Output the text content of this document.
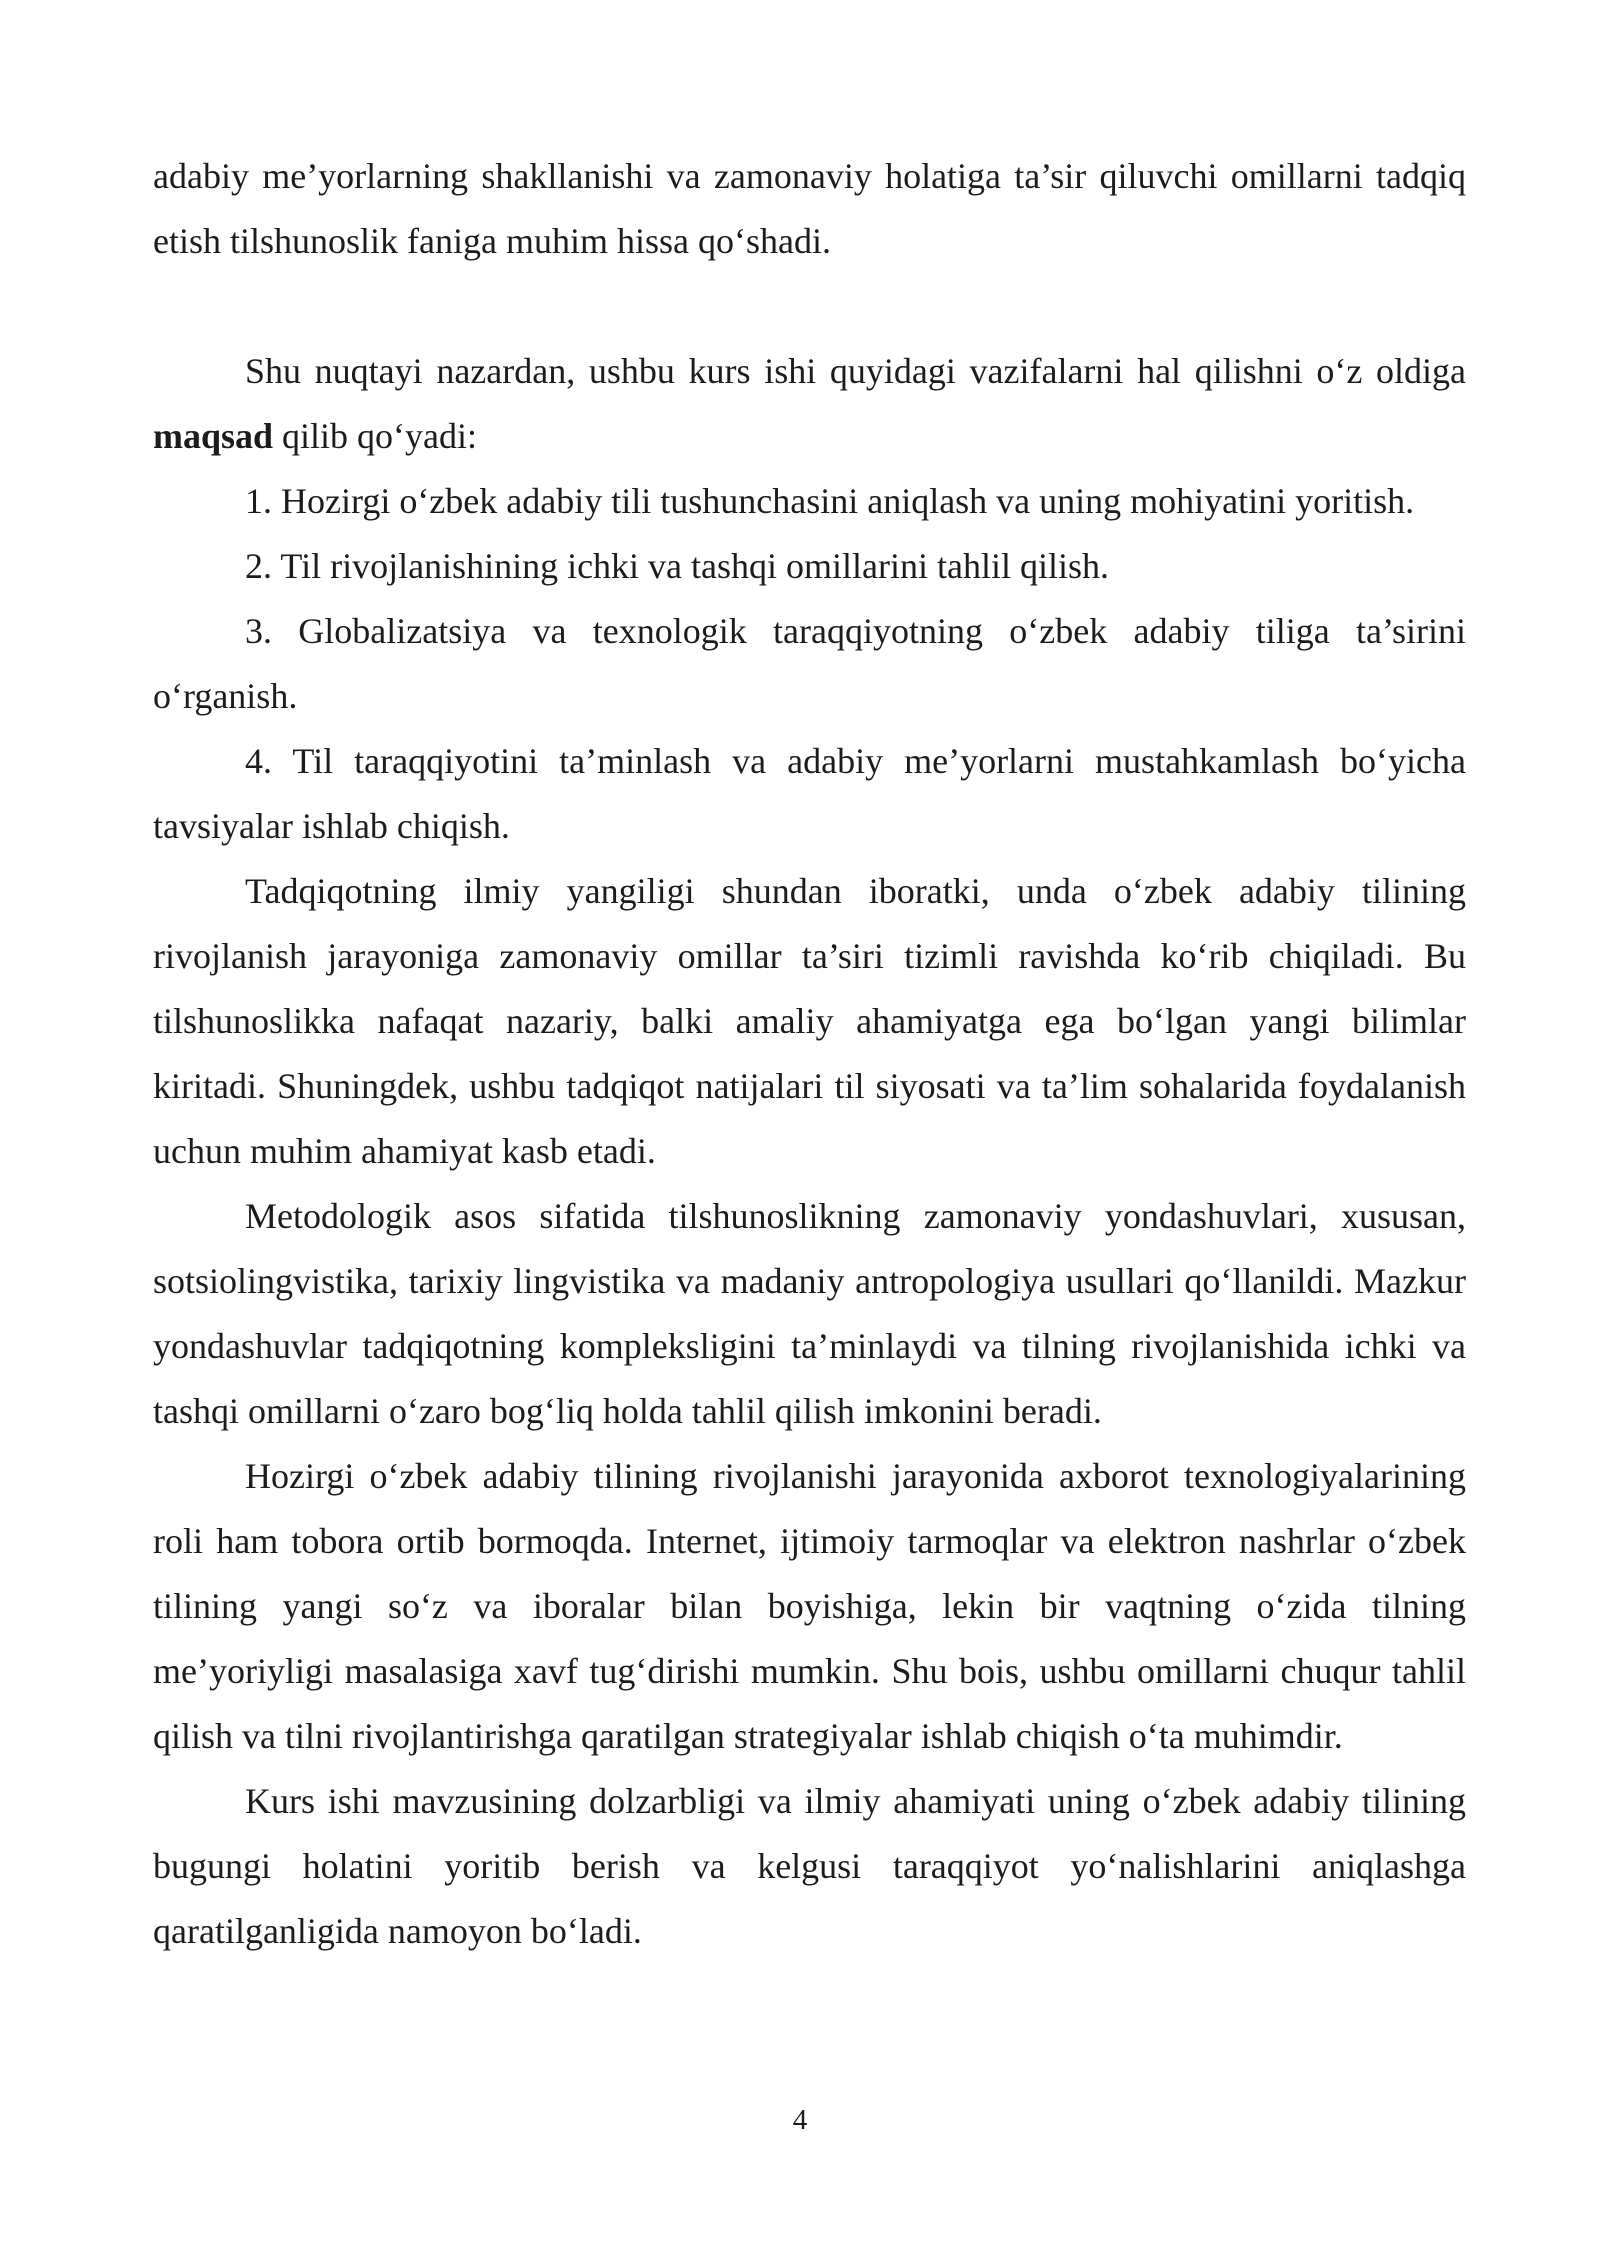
adabiy me’yorlarning shakllanishi va zamonaviy holatiga ta’sir qiluvchi omillarni tadqiq etish tilshunoslik faniga muhim hissa qo‘shadi.

Shu nuqtayi nazardan, ushbu kurs ishi quyidagi vazifalarni hal qilishni o‘z oldiga maqsad qilib qo‘yadi:

1. Hozirgi o‘zbek adabiy tili tushunchasini aniqlash va uning mohiyatini yoritish.

2. Til rivojlanishining ichki va tashqi omillarini tahlil qilish.

3. Globalizatsiya va texnologik taraqqiyotning o‘zbek adabiy tiliga ta’sirini o‘rganish.

4. Til taraqqiyotini ta’minlash va adabiy me’yorlarni mustahkamlash bo‘yicha tavsiyalar ishlab chiqish.

Tadqiqotning ilmiy yangiligi shundan iboratki, unda o‘zbek adabiy tilining rivojlanish jarayoniga zamonaviy omillar ta’siri tizimli ravishda ko‘rib chiqiladi. Bu tilshunoslikka nafaqat nazariy, balki amaliy ahamiyatga ega bo‘lgan yangi bilimlar kiritadi. Shuningdek, ushbu tadqiqot natijalari til siyosati va ta’lim sohalarida foydalanish uchun muhim ahamiyat kasb etadi.

Metodologik asos sifatida tilshunoslikning zamonaviy yondashuvlari, xususan, sotsiolingvistika, tarixiy lingvistika va madaniy antropologiya usullari qo‘llanildi. Mazkur yondashuvlar tadqiqotning kompleksligini ta’minlaydi va tilning rivojlanishida ichki va tashqi omillarni o‘zaro bog‘liq holda tahlil qilish imkonini beradi.

Hozirgi o‘zbek adabiy tilining rivojlanishi jarayonida axborot texnologiyalarining roli ham tobora ortib bormoqda. Internet, ijtimoiy tarmoqlar va elektron nashrlar o‘zbek tilining yangi so‘z va iboralar bilan boyishiga, lekin bir vaqtning o‘zida tilning me’yoriyligi masalasiga xavf tug‘dirishi mumkin. Shu bois, ushbu omillarni chuqur tahlil qilish va tilni rivojlantirishga qaratilgan strategiyalar ishlab chiqish o‘ta muhimdir.

Kurs ishi mavzusining dolzarbligi va ilmiy ahamiyati uning o‘zbek adabiy tilining bugungi holatini yoritib berish va kelgusi taraqqiyot yo‘nalishlarini aniqlashga qaratilganligida namoyon bo‘ladi.

4
